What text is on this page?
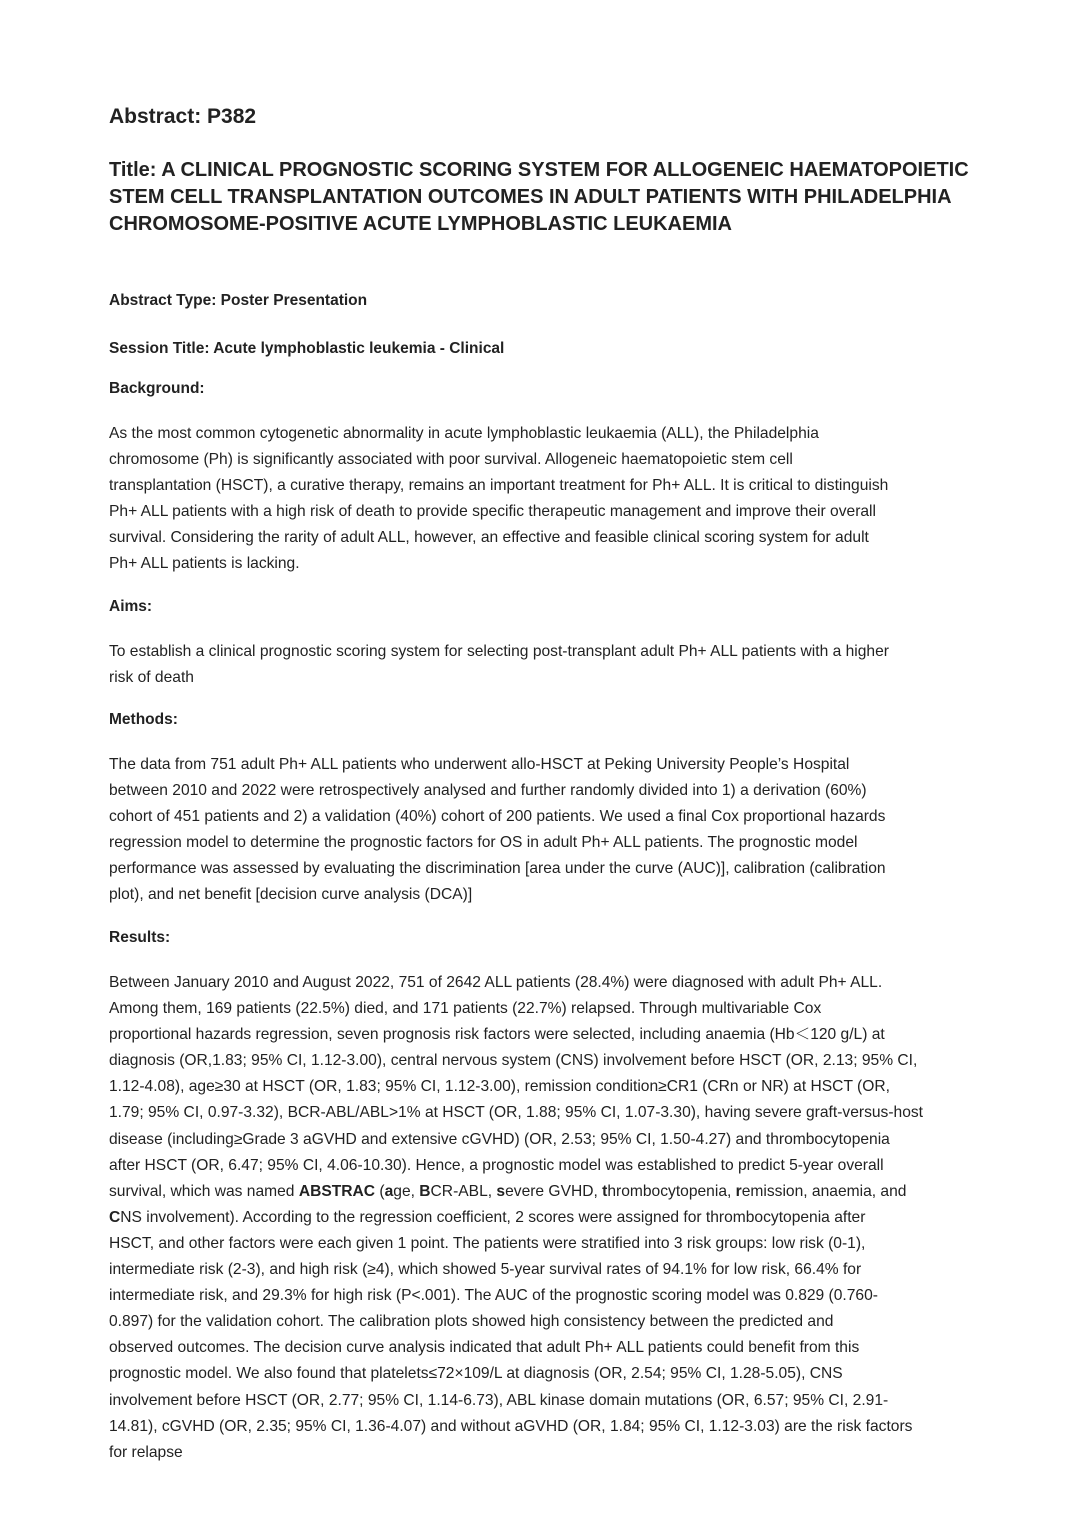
Abstract: P382
Title: A CLINICAL PROGNOSTIC SCORING SYSTEM FOR ALLOGENEIC HAEMATOPOIETIC STEM CELL TRANSPLANTATION OUTCOMES IN ADULT PATIENTS WITH PHILADELPHIA CHROMOSOME-POSITIVE ACUTE LYMPHOBLASTIC LEUKAEMIA

Abstract Type: Poster Presentation

Session Title: Acute lymphoblastic leukemia - Clinical

Background:
As the most common cytogenetic abnormality in acute lymphoblastic leukaemia (ALL), the Philadelphia
chromosome (Ph) is significantly associated with poor survival. Allogeneic haematopoietic stem cell
transplantation (HSCT), a curative therapy, remains an important treatment for Ph+ ALL. It is critical to distinguish
Ph+ ALL patients with a high risk of death to provide specific therapeutic management and improve their overall
survival. Considering the rarity of adult ALL, however, an effective and feasible clinical scoring system for adult
Ph+ ALL patients is lacking.
Aims:
To establish a clinical prognostic scoring system for selecting post-transplant adult Ph+ ALL patients with a higher
risk of death
Methods:
The data from 751 adult Ph+ ALL patients who underwent allo-HSCT at Peking University People’s Hospital
between 2010 and 2022 were retrospectively analysed and further randomly divided into 1) a derivation (60%)
cohort of 451 patients and 2) a validation (40%) cohort of 200 patients. We used a final Cox proportional hazards
regression model to determine the prognostic factors for OS in adult Ph+ ALL patients. The prognostic model
performance was assessed by evaluating the discrimination [area under the curve (AUC)], calibration (calibration
plot), and net benefit [decision curve analysis (DCA)]
Results:
Between January 2010 and August 2022, 751 of 2642 ALL patients (28.4%) were diagnosed with adult Ph+ ALL.
Among them, 169 patients (22.5%) died, and 171 patients (22.7%) relapsed. Through multivariable Cox
proportional hazards regression, seven prognosis risk factors were selected, including anaemia (Hb＜120 g/L) at
diagnosis (OR,1.83; 95% CI, 1.12-3.00), central nervous system (CNS) involvement before HSCT (OR, 2.13; 95% CI,
1.12-4.08), age≥30 at HSCT (OR, 1.83; 95% CI, 1.12-3.00), remission condition≥CR1 (CRn or NR) at HSCT (OR,
1.79; 95% CI, 0.97-3.32), BCR-ABL/ABL>1% at HSCT (OR, 1.88; 95% CI, 1.07-3.30), having severe graft-versus-host
disease (including≥Grade 3 aGVHD and extensive cGVHD) (OR, 2.53; 95% CI, 1.50-4.27) and thrombocytopenia
after HSCT (OR, 6.47; 95% CI, 4.06-10.30). Hence, a prognostic model was established to predict 5-year overall
survival, which was named ABSTRAC (age, BCR-ABL, severe GVHD, thrombocytopenia, remission, anaemia, and
CNS involvement). According to the regression coefficient, 2 scores were assigned for thrombocytopenia after
HSCT, and other factors were each given 1 point. The patients were stratified into 3 risk groups: low risk (0-1),
intermediate risk (2-3), and high risk (≥4), which showed 5-year survival rates of 94.1% for low risk, 66.4% for
intermediate risk, and 29.3% for high risk (P<.001). The AUC of the prognostic scoring model was 0.829 (0.760-
0.897) for the validation cohort. The calibration plots showed high consistency between the predicted and
observed outcomes. The decision curve analysis indicated that adult Ph+ ALL patients could benefit from this
prognostic model. We also found that platelets≤72×109/L at diagnosis (OR, 2.54; 95% CI, 1.28-5.05), CNS
involvement before HSCT (OR, 2.77; 95% CI, 1.14-6.73), ABL kinase domain mutations (OR, 6.57; 95% CI, 2.91-
14.81), cGVHD (OR, 2.35; 95% CI, 1.36-4.07) and without aGVHD (OR, 1.84; 95% CI, 1.12-3.03) are the risk factors
for relapse
